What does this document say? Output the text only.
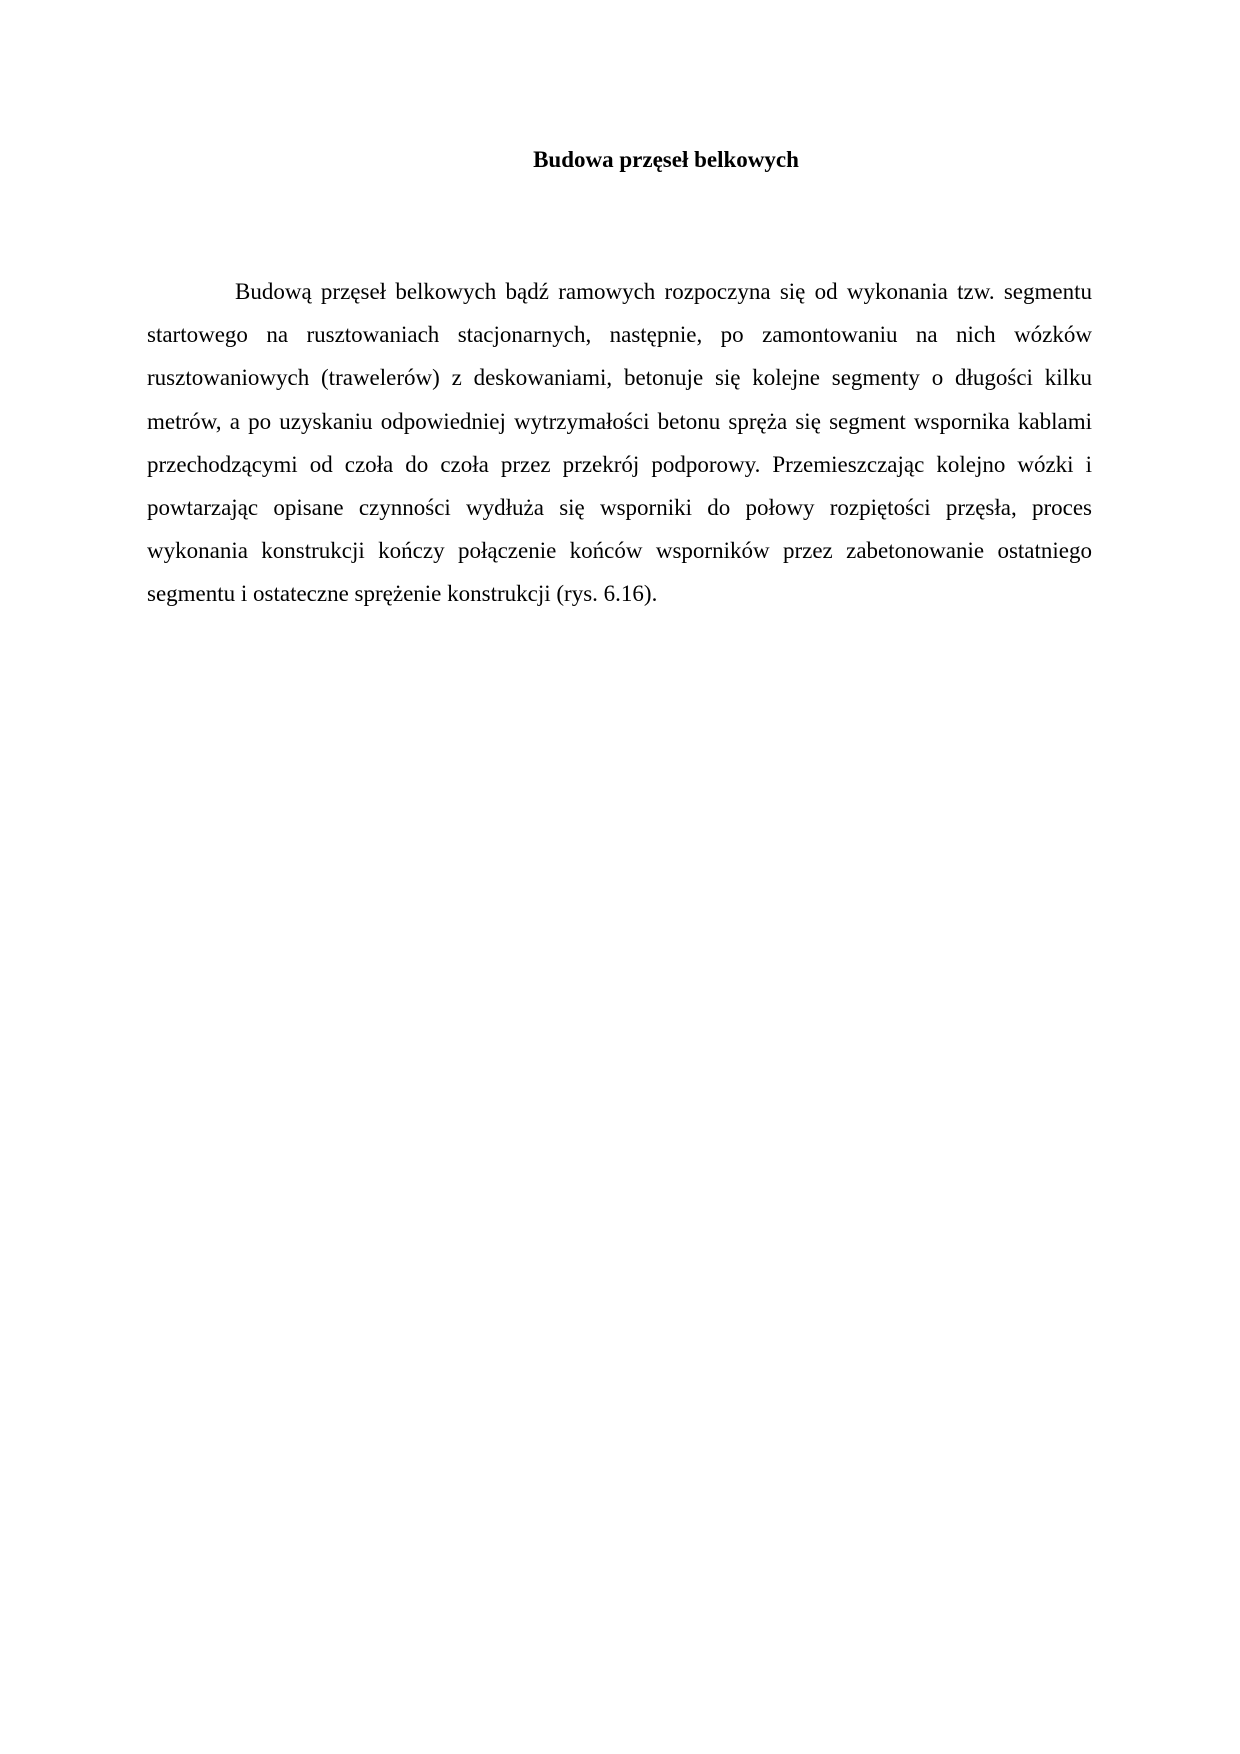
Budowa przęseł belkowych

Budową przęseł belkowych bądź ramowych rozpoczyna się od wykonania tzw. segmentu startowego na rusztowaniach stacjonarnych, następnie, po zamontowaniu na nich wózków rusztowaniowych (trawelerów) z deskowaniami, betonuje się kolejne segmenty o długości kilku metrów, a po uzyskaniu odpowiedniej wytrzymałości betonu spręża się segment wspornika kablami przechodzącymi od czoła do czoła przez przekrój podporowy. Przemieszczając kolejno wózki i powtarzając opisane czynności wydłuża się wsporniki do połowy rozpiętości przęsła, proces wykonania konstrukcji kończy połączenie końców wsporników przez zabetonowanie ostatniego segmentu i ostateczne sprężenie konstrukcji (rys. 6.16).
